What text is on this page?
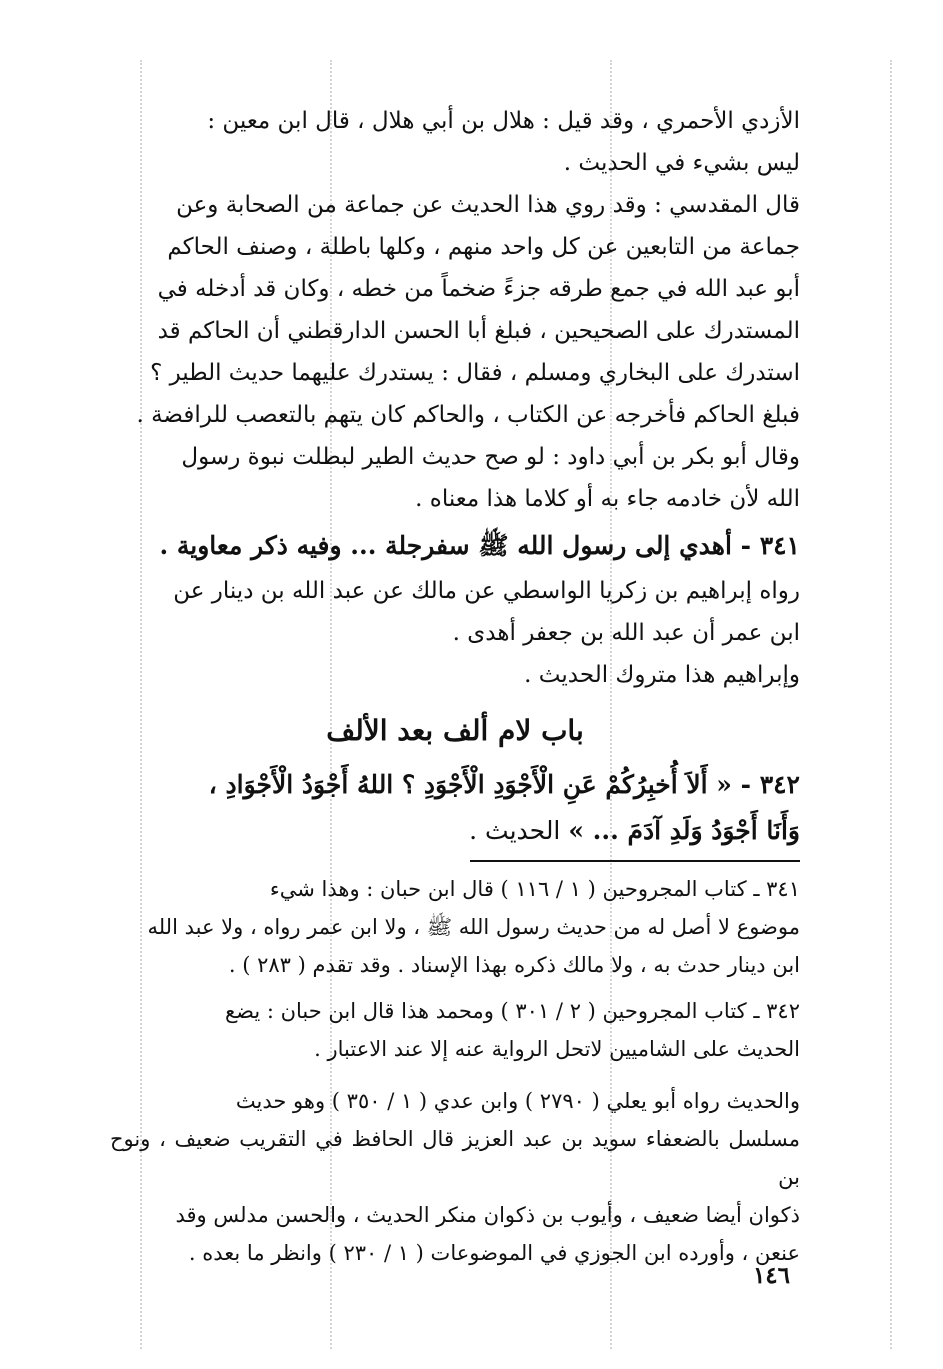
الأزدي الأحمري ، وقد قيل : هلال بن أبي هلال ، قال ابن معين :
ليس بشيء في الحديث .

قال المقدسي : وقد روي هذا الحديث عن جماعة من الصحابة وعن
جماعة من التابعين عن كل واحد منهم ، وكلها باطلة ، وصنف الحاكم
أبو عبد الله في جمع طرقه جزءً ضخماً من خطه ، وكان قد أدخله في
المستدرك على الصحيحين ، فبلغ أبا الحسن الدارقطني أن الحاكم قد
استدرك على البخاري ومسلم ، فقال : يستدرك عليهما حديث الطير ؟
فبلغ الحاكم فأخرجه عن الكتاب ، والحاكم كان يتهم بالتعصب للرافضة .

وقال أبو بكر بن أبي داود : لو صح حديث الطير لبطلت نبوة رسول
الله لأن خادمه جاء به أو كلاما هذا معناه .

٣٤١ - أهدي إلى رسول الله ﷺ سفرجلة ... وفيه ذكر معاوية .

رواه إبراهيم بن زكريا الواسطي عن مالك عن عبد الله بن دينار عن
ابن عمر أن عبد الله بن جعفر أهدى .

وإبراهيم هذا متروك الحديث .

باب لام ألف بعد الألف
٣٤٢ - « أَلاَ أُخبِرُكُمْ عَنِ الْأَجْوَدِ الْأَجْوَدِ ؟ اللهُ أَجْوَدُ الْأَجْوَادِ ،
وَأَنَا أَجْوَدُ وَلَدِ آدَمَ ... » الحديث .

٣٤١ ـ كتاب المجروحين ( ١ / ١١٦ ) قال ابن حبان : وهذا شيء
موضوع لا أصل له من حديث رسول الله ﷺ ، ولا ابن عمر رواه ، ولا عبد الله
ابن دينار حدث به ، ولا مالك ذكره بهذا الإسناد . وقد تقدم ( ٢٨٣ ) .

٣٤٢ ـ كتاب المجروحين ( ٢ / ٣٠١ ) ومحمد هذا قال ابن حبان : يضع
الحديث على الشاميين لاتحل الرواية عنه إلا عند الاعتبار .

والحديث رواه أبو يعلي ( ٢٧٩٠ ) وابن عدي ( ١ / ٣٥٠ ) وهو حديث
مسلسل بالضعفاء سويد بن عبد العزيز قال الحافظ في التقريب ضعيف ، ونوح بن
ذكوان أيضا ضعيف ، وأيوب بن ذكوان منكر الحديث ، والحسن مدلس وقد
عنعن ، وأورده ابن الجوزي في الموضوعات ( ١ / ٢٣٠ ) وانظر ما بعده .

١٤٦
